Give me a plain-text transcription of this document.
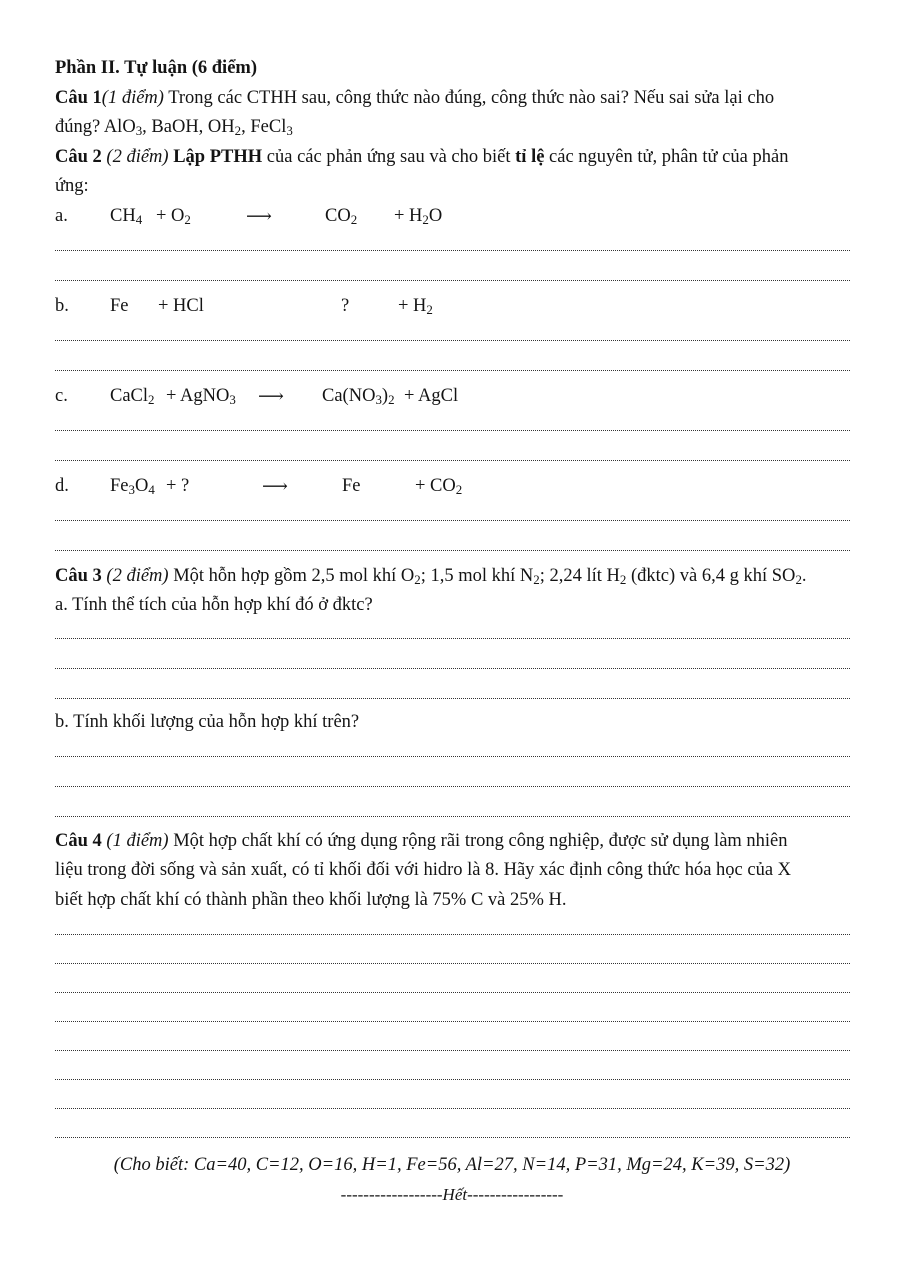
Phần II. Tự luận (6 điểm)
Câu 1(1 điểm) Trong các CTHH sau, công thức nào đúng, công thức nào sai? Nếu sai sửa lại cho
đúng? AlO$_3$, BaOH, $OH_2$, FeCl$_3$
Câu 2 (2 điểm) Lập PTHH của các phản ứng sau và cho biết tỉ lệ các nguyên tử, phân tử của phản
ứng:
a. $CH_4 + O_2$	⟶	$CO_2 + H_2O$
b. Fe + HCl	?	+ $H_2$
c. CaCl$_2$ + AgNO$_3$ ⟶ $Ca(NO_3)_2$ + AgCl
d. $Fe_3O_4$ + ?	⟶	Fe	+ $CO_2$
Câu 3 (2 điểm) Một hỗn hợp gồm 2,5 mol khí $O_2$; 1,5 mol khí $N_2$; 2,24 lít $H_2$ (đktc) và 6,4 g khí $SO_2$.
a. Tính thể tích của hỗn hợp khí đó ở đktc?
b. Tính khối lượng của hỗn hợp khí trên?
Câu 4 (1 điểm) Một hợp chất khí có ứng dụng rộng rãi trong công nghiệp, được sử dụng làm nhiên
liệu trong đời sống và sản xuất, có tỉ khối đối với hidro là 8. Hãy xác định công thức hóa học của X
biết hợp chất khí có thành phần theo khối lượng là 75% C và 25% H.
(Cho biết: Ca=40, C=12, O=16, H=1, Fe=56, Al=27, N=14, P=31, Mg=24, K=39, S=32)
------------------Hết-----------------
